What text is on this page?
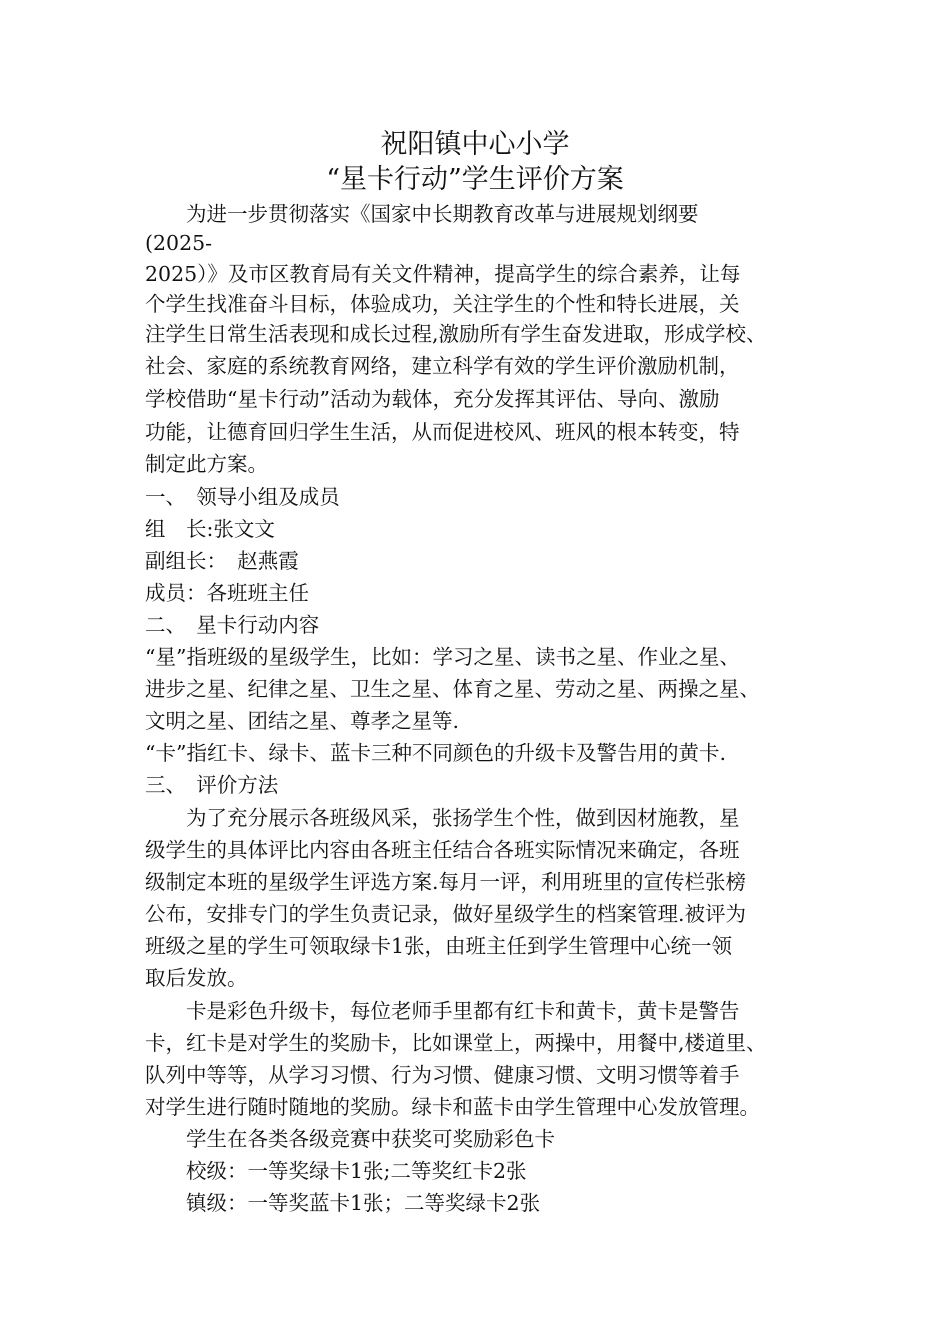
祝阳镇中心小学
“星卡行动”学生评价方案
　　为进一步贯彻落实《国家中长期教育改革与进展规划纲要
(2025-
2025）》及市区教育局有关文件精神，提高学生的综合素养，让每
个学生找准奋斗目标，体验成功，关注学生的个性和特长进展，关
注学生日常生活表现和成长过程,激励所有学生奋发进取，形成学校、
社会、家庭的系统教育网络，建立科学有效的学生评价激励机制，
学校借助“星卡行动”活动为载体，充分发挥其评估、导向、激励
功能，让德育回归学生生活，从而促进校风、班风的根本转变，特
制定此方案。
一、　领导小组及成员
组　长:张文文
副组长：　赵燕霞
成员：各班班主任
二、　星卡行动内容
“星”指班级的星级学生，比如：学习之星、读书之星、作业之星、
进步之星、纪律之星、卫生之星、体育之星、劳动之星、两操之星、
文明之星、团结之星、尊孝之星等.
“卡”指红卡、绿卡、蓝卡三种不同颜色的升级卡及警告用的黄卡.
三、　评价方法
　　为了充分展示各班级风采，张扬学生个性，做到因材施教，星
级学生的具体评比内容由各班主任结合各班实际情况来确定，各班
级制定本班的星级学生评选方案.每月一评，利用班里的宣传栏张榜
公布，安排专门的学生负责记录，做好星级学生的档案管理.被评为
班级之星的学生可领取绿卡1张，由班主任到学生管理中心统一领
取后发放。
　　卡是彩色升级卡，每位老师手里都有红卡和黄卡，黄卡是警告
卡，红卡是对学生的奖励卡，比如课堂上，两操中，用餐中,楼道里、
队列中等等，从学习习惯、行为习惯、健康习惯、文明习惯等着手
对学生进行随时随地的奖励。绿卡和蓝卡由学生管理中心发放管理。
　　学生在各类各级竞赛中获奖可奖励彩色卡
　　校级：一等奖绿卡1张;二等奖红卡2张
　　镇级：一等奖蓝卡1张；二等奖绿卡2张
